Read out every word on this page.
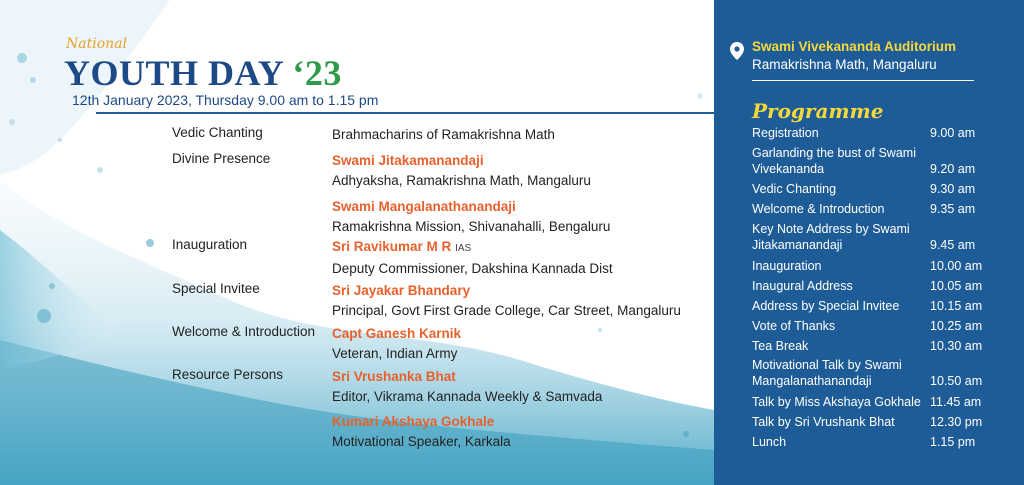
National
YOUTH DAY ‘23
12th January 2023, Thursday 9.00 am to 1.15 pm
Vedic Chanting	Brahmacharins of Ramakrishna Math
Divine Presence	Swami Jitakamanandaji
Adhyaksha, Ramakrishna Math, Mangaluru
Swami Mangalanathanandaji
Ramakrishna Mission, Shivanahalli, Bengaluru
Inauguration	Sri Ravikumar M R IAS
Deputy Commissioner, Dakshina Kannada Dist
Special Invitee	Sri Jayakar Bhandary
Principal, Govt First Grade College, Car Street, Mangaluru
Welcome & Introduction	Capt Ganesh Karnik
Veteran, Indian Army
Resource Persons	Sri Vrushanka Bhat
Editor, Vikrama Kannada Weekly & Samvada
Kumari Akshaya Gokhale
Motivational Speaker, Karkala
Swami Vivekananda Auditorium
Ramakrishna Math, Mangaluru
Programme
Registration	9.00 am
Garlanding the bust of Swami Vivekananda	9.20 am
Vedic Chanting	9.30 am
Welcome & Introduction	9.35 am
Key Note Address by Swami Jitakamanandaji	9.45 am
Inauguration	10.00 am
Inaugural Address	10.05 am
Address by Special Invitee	10.15 am
Vote of Thanks	10.25 am
Tea Break	10.30 am
Motivational Talk by Swami Mangalanathanandaji	10.50 am
Talk by Miss Akshaya Gokhale 11.45 am
Talk by Sri Vrushank Bhat	12.30 pm
Lunch	1.15 pm
